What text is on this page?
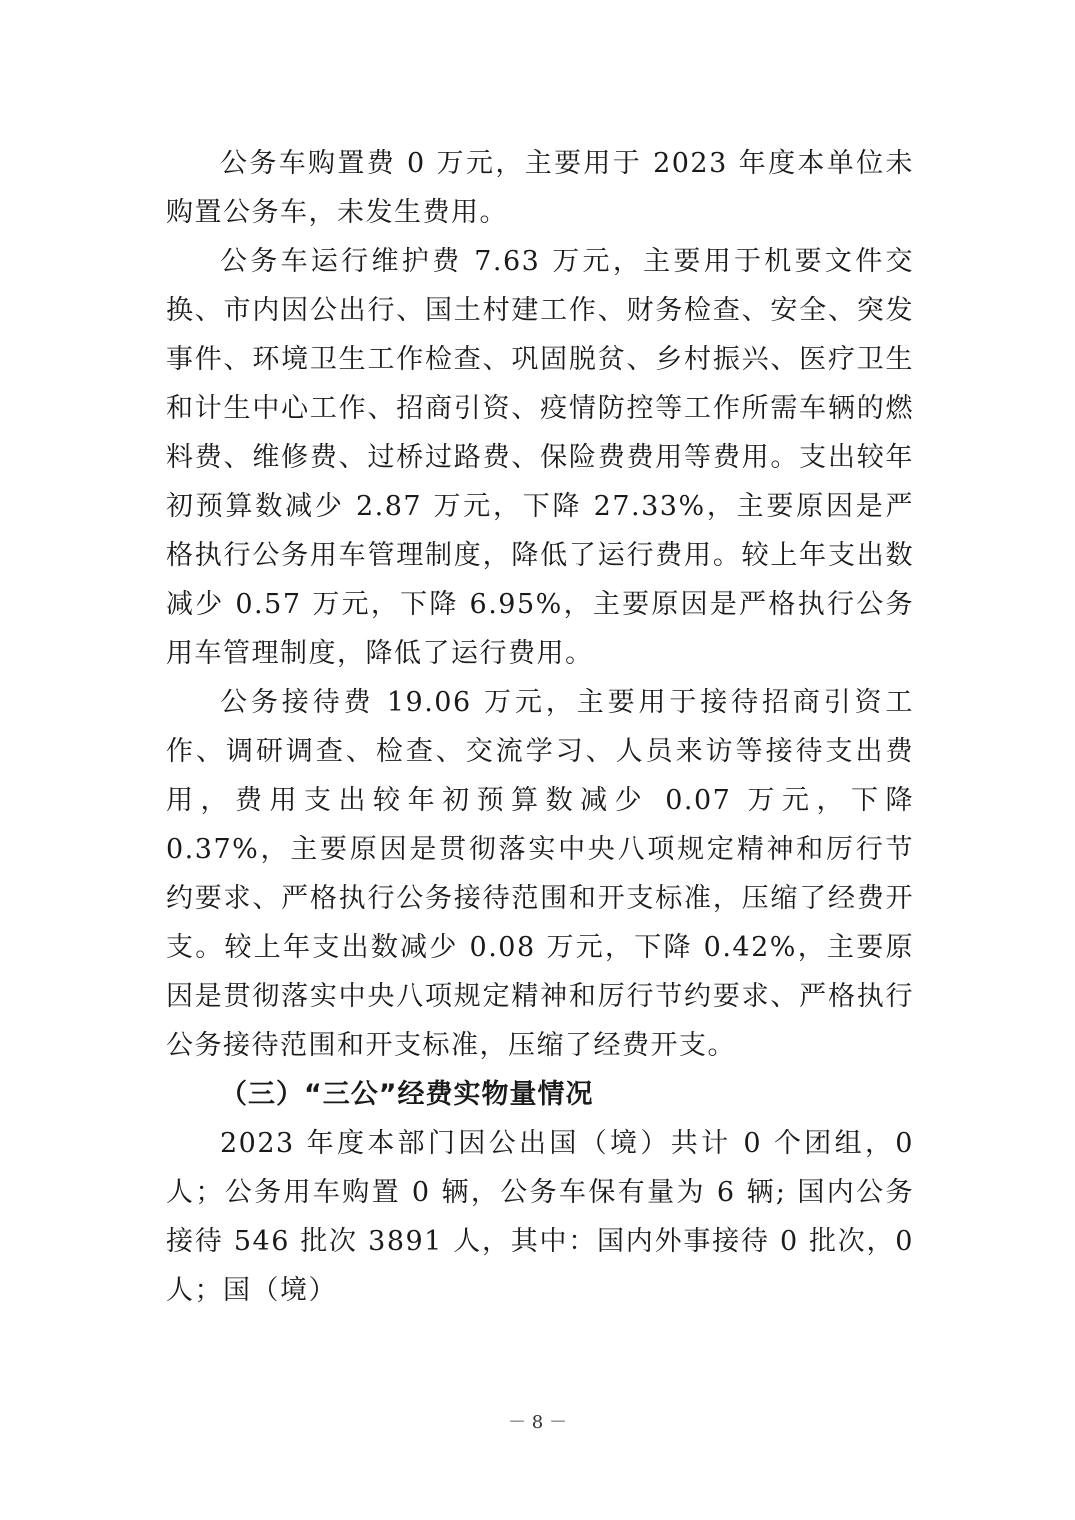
公务车购置费 0 万元，主要用于 2023 年度本单位未购置公务车，未发生费用。

公务车运行维护费 7.63 万元，主要用于机要文件交换、市内因公出行、国土村建工作、财务检查、安全、突发事件、环境卫生工作检查、巩固脱贫、乡村振兴、医疗卫生和计生中心工作、招商引资、疫情防控等工作所需车辆的燃料费、维修费、过桥过路费、保险费费用等费用。支出较年初预算数减少 2.87 万元，下降 27.33%，主要原因是严格执行公务用车管理制度，降低了运行费用。较上年支出数减少 0.57 万元，下降 6.95%，主要原因是严格执行公务用车管理制度，降低了运行费用。

公务接待费 19.06 万元，主要用于接待招商引资工作、调研调查、检查、交流学习、人员来访等接待支出费用，费用支出较年初预算数减少 0.07 万元，下降 0.37%，主要原因是贯彻落实中央八项规定精神和厉行节约要求、严格执行公务接待范围和开支标准，压缩了经费开支。较上年支出数减少 0.08 万元，下降 0.42%，主要原因是贯彻落实中央八项规定精神和厉行节约要求、严格执行公务接待范围和开支标准，压缩了经费开支。

（三）“三公”经费实物量情况

2023 年度本部门因公出国（境）共计 0 个团组，0 人；公务用车购置 0 辆，公务车保有量为 6 辆; 国内公务接待 546 批次 3891 人，其中：国内外事接待 0 批次，0 人；国（境）

－ 8 －
